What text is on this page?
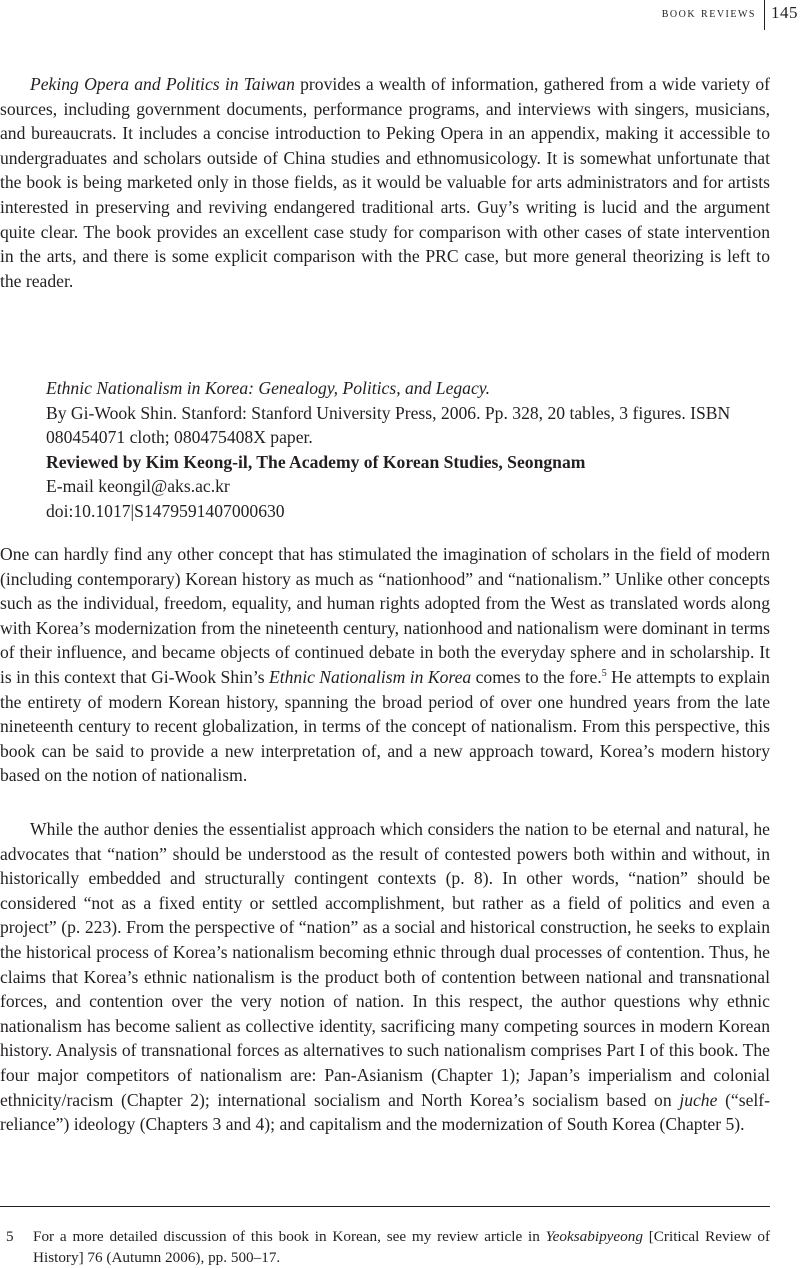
book reviews 145
Peking Opera and Politics in Taiwan provides a wealth of information, gathered from a wide variety of sources, including government documents, performance programs, and interviews with singers, musicians, and bureaucrats. It includes a concise introduction to Peking Opera in an appendix, making it accessible to undergraduates and scholars outside of China studies and ethnomusicology. It is somewhat unfortunate that the book is being marketed only in those fields, as it would be valuable for arts administrators and for artists interested in preserving and reviving endangered traditional arts. Guy’s writing is lucid and the argument quite clear. The book provides an excellent case study for comparison with other cases of state intervention in the arts, and there is some explicit comparison with the PRC case, but more general theorizing is left to the reader.
Ethnic Nationalism in Korea: Genealogy, Politics, and Legacy.
By Gi-Wook Shin. Stanford: Stanford University Press, 2006. Pp. 328, 20 tables, 3 figures. ISBN 080454071 cloth; 080475408X paper.
Reviewed by Kim Keong-il, The Academy of Korean Studies, Seongnam
E-mail keongil@aks.ac.kr
doi:10.1017|S1479591407000630
One can hardly find any other concept that has stimulated the imagination of scholars in the field of modern (including contemporary) Korean history as much as “nationhood” and “nationalism.” Unlike other concepts such as the individual, freedom, equality, and human rights adopted from the West as translated words along with Korea’s modernization from the nineteenth century, nationhood and nationalism were dominant in terms of their influence, and became objects of continued debate in both the everyday sphere and in scholarship. It is in this context that Gi-Wook Shin’s Ethnic Nationalism in Korea comes to the fore.$^5$ He attempts to explain the entirety of modern Korean history, spanning the broad period of over one hundred years from the late nineteenth century to recent globalization, in terms of the concept of nationalism. From this perspective, this book can be said to provide a new interpretation of, and a new approach toward, Korea’s modern history based on the notion of nationalism.
While the author denies the essentialist approach which considers the nation to be eternal and natural, he advocates that “nation” should be understood as the result of contested powers both within and without, in historically embedded and structurally contingent contexts (p. 8). In other words, “nation” should be considered “not as a fixed entity or settled accomplishment, but rather as a field of politics and even a project” (p. 223). From the perspective of “nation” as a social and historical construction, he seeks to explain the historical process of Korea’s nationalism becoming ethnic through dual processes of contention. Thus, he claims that Korea’s ethnic nationalism is the product both of contention between national and transnational forces, and contention over the very notion of nation. In this respect, the author questions why ethnic nationalism has become salient as collective identity, sacrificing many competing sources in modern Korean history. Analysis of transnational forces as alternatives to such nationalism comprises Part I of this book. The four major competitors of nationalism are: Pan-Asianism (Chapter 1); Japan’s imperialism and colonial ethnicity/racism (Chapter 2); international socialism and North Korea’s socialism based on juche (“self-reliance”) ideology (Chapters 3 and 4); and capitalism and the modernization of South Korea (Chapter 5).
5 For a more detailed discussion of this book in Korean, see my review article in Yeoksabipyeong [Critical Review of History] 76 (Autumn 2006), pp. 500–17.
